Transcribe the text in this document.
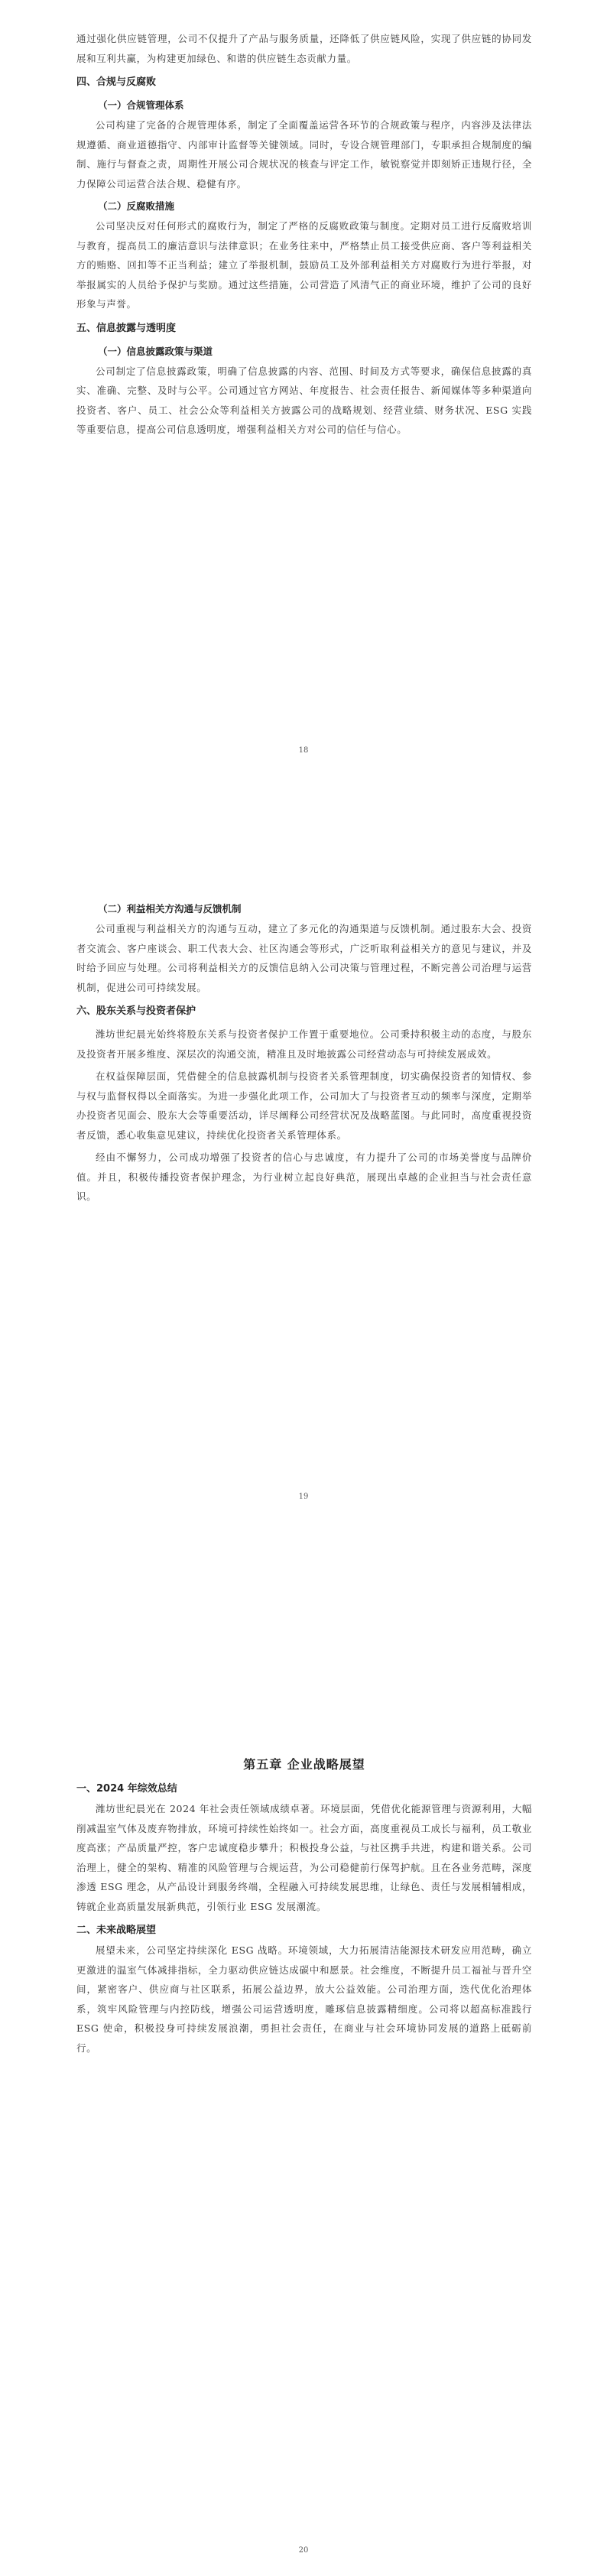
通过强化供应链管理，公司不仅提升了产品与服务质量，还降低了供应链风险，实现了供应链的协同发展和互利共赢，为构建更加绿色、和谐的供应链生态贡献力量。

四、合规与反腐败

（一）合规管理体系

公司构建了完备的合规管理体系，制定了全面覆盖运营各环节的合规政策与程序，内容涉及法律法规遵循、商业道德指守、内部审计监督等关键领域。同时，专设合规管理部门，专职承担合规制度的编制、施行与督查之责，周期性开展公司合规状况的核查与评定工作，敏锐察觉并即刻矫正违规行径，全力保障公司运营合法合规、稳健有序。

（二）反腐败措施

公司坚决反对任何形式的腐败行为，制定了严格的反腐败政策与制度。定期对员工进行反腐败培训与教育，提高员工的廉洁意识与法律意识；在业务往来中，严格禁止员工接受供应商、客户等利益相关方的贿赂、回扣等不正当利益；建立了举报机制，鼓励员工及外部利益相关方对腐败行为进行举报，对举报属实的人员给予保护与奖励。通过这些措施，公司营造了风清气正的商业环境，维护了公司的良好形象与声誉。

五、信息披露与透明度

（一）信息披露政策与渠道

公司制定了信息披露政策，明确了信息披露的内容、范围、时间及方式等要求，确保信息披露的真实、准确、完整、及时与公平。公司通过官方网站、年度报告、社会责任报告、新闻媒体等多种渠道向投资者、客户、员工、社会公众等利益相关方披露公司的战略规划、经营业绩、财务状况、ESG 实践等重要信息，提高公司信息透明度，增强利益相关方对公司的信任与信心。

18

（二）利益相关方沟通与反馈机制

公司重视与利益相关方的沟通与互动，建立了多元化的沟通渠道与反馈机制。通过股东大会、投资者交流会、客户座谈会、职工代表大会、社区沟通会等形式，广泛听取利益相关方的意见与建议，并及时给予回应与处理。公司将利益相关方的反馈信息纳入公司决策与管理过程，不断完善公司治理与运营机制，促进公司可持续发展。

六、股东关系与投资者保护

潍坊世纪晨光始终将股东关系与投资者保护工作置于重要地位。公司秉持积极主动的态度，与股东及投资者开展多维度、深层次的沟通交流，精准且及时地披露公司经营动态与可持续发展成效。

在权益保障层面，凭借健全的信息披露机制与投资者关系管理制度，切实确保投资者的知情权、参与权与监督权得以全面落实。为进一步强化此项工作，公司加大了与投资者互动的频率与深度，定期举办投资者见面会、股东大会等重要活动，详尽阐释公司经营状况及战略蓝图。与此同时，高度重视投资者反馈，悉心收集意见建议，持续优化投资者关系管理体系。

经由不懈努力，公司成功增强了投资者的信心与忠诚度，有力提升了公司的市场美誉度与品牌价值。并且，积极传播投资者保护理念，为行业树立起良好典范，展现出卓越的企业担当与社会责任意识。

19

第五章 企业战略展望

一、2024 年综效总结

潍坊世纪晨光在 2024 年社会责任领域成绩卓著。环境层面，凭借优化能源管理与资源利用，大幅削减温室气体及废弃物排放，环境可持续性始终如一。社会方面，高度重视员工成长与福利，员工敬业度高涨；产品质量严控，客户忠诚度稳步攀升；积极投身公益，与社区携手共进，构建和谐关系。公司治理上，健全的架构、精准的风险管理与合规运营，为公司稳健前行保驾护航。且在各业务范畴，深度渗透 ESG 理念，从产品设计到服务终端，全程融入可持续发展思维，让绿色、责任与发展相辅相成，铸就企业高质量发展新典范，引领行业 ESG 发展潮流。

二、未来战略展望

展望未来，公司坚定持续深化 ESG 战略。环境领域，大力拓展清洁能源技术研发应用范畴，确立更激进的温室气体减排指标，全力驱动供应链达成碳中和愿景。社会维度，不断提升员工福祉与晋升空间，紧密客户、供应商与社区联系，拓展公益边界，放大公益效能。公司治理方面，迭代优化治理体系，筑牢风险管理与内控防线，增强公司运营透明度，雕琢信息披露精细度。公司将以超高标准践行 ESG 使命，积极投身可持续发展浪潮，勇担社会责任，在商业与社会环境协同发展的道路上砥砺前行。

20
